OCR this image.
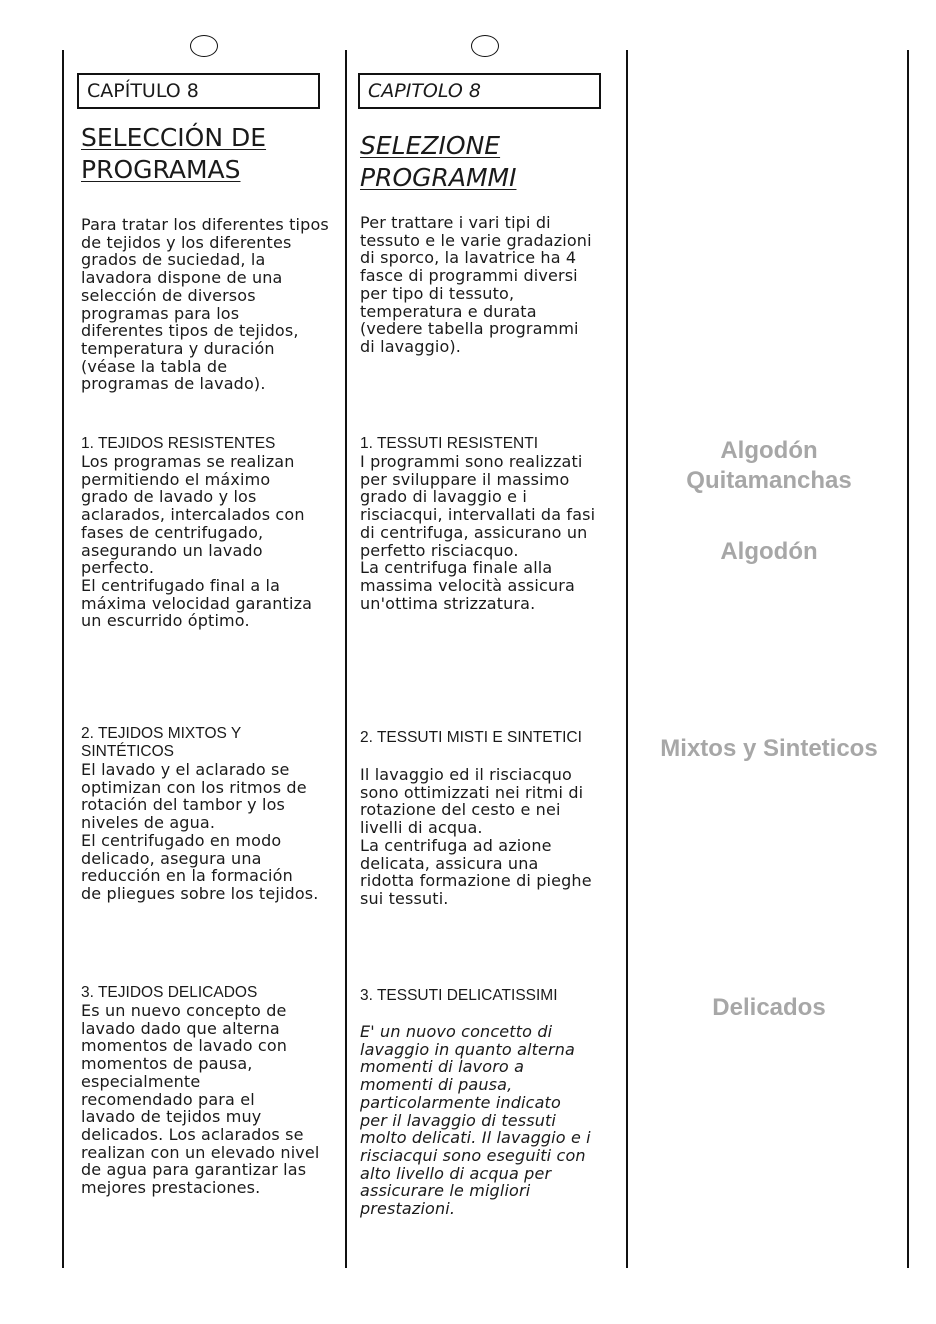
CAPÍTULO 8
SELECCIÓN DE
PROGRAMAS

Para tratar los diferentes tipos
de tejidos y los diferentes
grados de suciedad, la
lavadora dispone de una
selección de diversos
programas para los
diferentes tipos de tejidos,
temperatura y duración
(véase la tabla de
programas de lavado).

1. TEJIDOS RESISTENTES

Los programas se realizan
permitiendo el máximo
grado de lavado y los
aclarados, intercalados con
fases de centrifugado,
asegurando un lavado
perfecto.
El centrifugado final a la
máxima velocidad garantiza
un escurrido óptimo.

2. TEJIDOS MIXTOS Y
SINTÉTICOS

El lavado y el aclarado se
optimizan con los ritmos de
rotación del tambor y los
niveles de agua.
El centrifugado en modo
delicado, asegura una
reducción en la formación
de pliegues sobre los tejidos.

3. TEJIDOS DELICADOS

Es un nuevo concepto de
lavado dado que alterna
momentos de lavado con
momentos de pausa,
especialmente
recomendado para el
lavado de tejidos muy
delicados. Los aclarados se
realizan con un elevado nivel
de agua para garantizar las
mejores prestaciones.

CAPITOLO 8
SELEZIONE
PROGRAMMI

Per trattare i vari tipi di
tessuto e le varie gradazioni
di sporco, la lavatrice ha 4
fasce di programmi diversi
per tipo di tessuto,
temperatura e durata
(vedere tabella programmi
di lavaggio).

1. TESSUTI RESISTENTI

I programmi sono realizzati
per sviluppare il massimo
grado di lavaggio e i
risciacqui, intervallati da fasi
di centrifuga, assicurano un
perfetto risciacquo.
La centrifuga finale alla
massima velocità assicura
un'ottima strizzatura.

2. TESSUTI MISTI E SINTETICI

Il lavaggio ed il risciacquo
sono ottimizzati nei ritmi di
rotazione del cesto e nei
livelli di acqua.
La centrifuga ad azione
delicata, assicura una
ridotta formazione di pieghe
sui tessuti.

3. TESSUTI DELICATISSIMI

E' un nuovo concetto di
lavaggio in quanto alterna
momenti di lavoro a
momenti di pausa,
particolarmente indicato
per il lavaggio di tessuti
molto delicati. Il lavaggio e i
risciacqui sono eseguiti con
alto livello di acqua per
assicurare le migliori
prestazioni.

Algodón
Quitamanchas
Algodón
Mixtos y Sinteticos
Delicados
